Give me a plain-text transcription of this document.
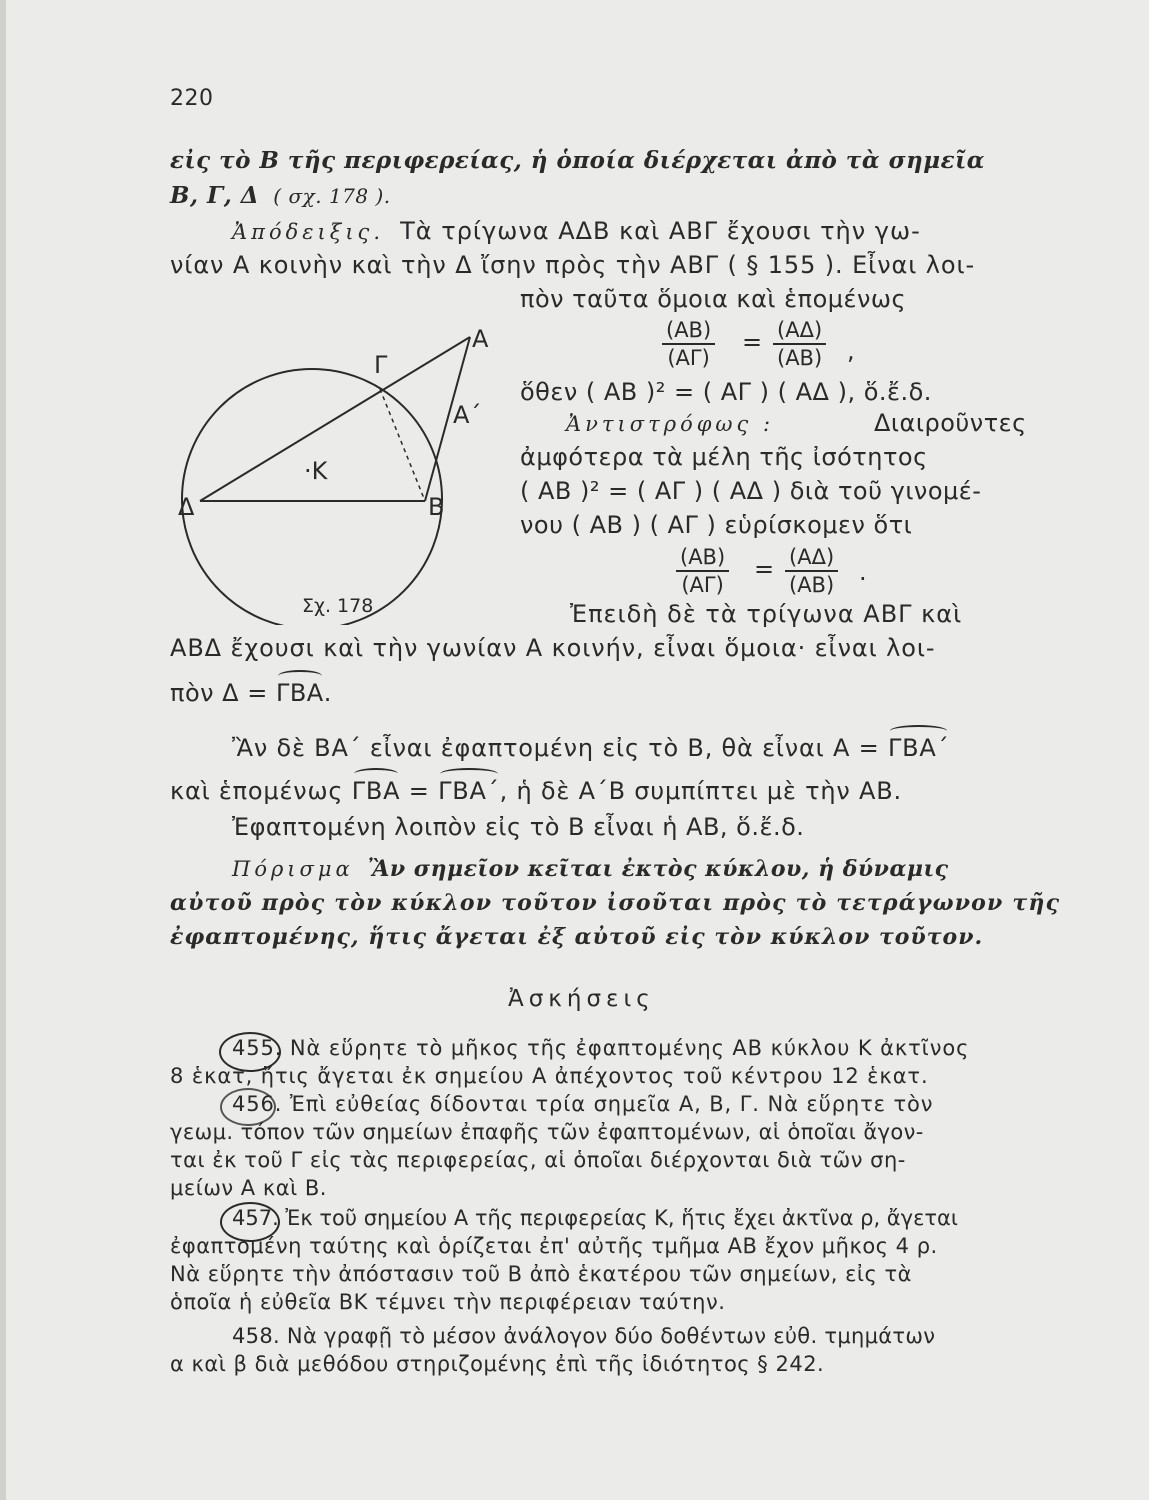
220
εἰς τὸ Β τῆς περιφερείας, ἡ ὁποία διέρχεται ἀπὸ τὰ σημεῖα
Β, Γ, Δ ( σχ. 178 ).
Ἀπόδειξις. Τὰ τρίγωνα ΑΔΒ καὶ ΑΒΓ ἔχουσι τὴν γω-
νίαν Α κοινὴν καὶ τὴν Δ ἴσην πρὸς τὴν ΑΒΓ ( § 155 ). Εἶναι λοι-
πὸν ταῦτα ὅμοια καὶ ἑπομένως
$\frac{(AB)}{(A\Gamma)} = \frac{(A\Delta)}{(AB)}$ ,
ὅθεν ( ΑΒ )² = ( ΑΓ ) ( ΑΔ ), ὅ.ἔ.δ.
Ἀντιστρόφως :	Διαιροῦντες
ἀμφότερα τὰ μέλη τῆς ἰσότητος
( ΑΒ )² = ( ΑΓ ) ( ΑΔ ) διὰ τοῦ γινομέ-
νου ( ΑΒ ) ( ΑΓ ) εὑρίσκομεν ὅτι
$\frac{(AB)}{(A\Gamma)} = \frac{(A\Delta)}{(AB)}$ .
Ἐπειδὴ δὲ τὰ τρίγωνα ΑΒΓ καὶ
ΑΒΔ ἔχουσι καὶ τὴν γωνίαν Α κοινήν, εἶναι ὅμοια· εἶναι λοι-
πὸν Δ = ΓΒΑ.
Ἂν δὲ ΒΑ΄ εἶναι ἐφαπτομένη εἰς τὸ Β, θὰ εἶναι Α = ΓΒΑ΄
καὶ ἑπομένως ΓΒΑ = ΓΒΑ΄, ἡ δὲ Α΄Β συμπίπτει μὲ τὴν ΑΒ.
Ἐφαπτομένη λοιπὸν εἰς τὸ Β εἶναι ἡ ΑΒ, ὅ.ἔ.δ.
Πόρισμα Ἂν σημεῖον κεῖται ἐκτὸς κύκλου, ἡ δύναμις
αὐτοῦ πρὸς τὸν κύκλον τοῦτον ἰσοῦται πρὸς τὸ τετράγωνον τῆς
ἐφαπτομένης, ἥτις ἄγεται ἐξ αὐτοῦ εἰς τὸν κύκλον τοῦτον.
Ἀσκήσεις
455. Νὰ εὕρητε τὸ μῆκος τῆς ἐφαπτομένης ΑΒ κύκλου Κ ἀκτῖνος
8 ἑκατ, ἥτις ἄγεται ἐκ σημείου Α ἀπέχοντος τοῦ κέντρου 12 ἑκατ.
456. Ἐπὶ εὐθείας δίδονται τρία σημεῖα Α, Β, Γ. Νὰ εὕρητε τὸν
γεωμ. τόπον τῶν σημείων ἐπαφῆς τῶν ἐφαπτομένων, αἱ ὁποῖαι ἄγον-
ται ἐκ τοῦ Γ εἰς τὰς περιφερείας, αἱ ὁποῖαι διέρχονται διὰ τῶν ση-
μείων Α καὶ Β.
457. Ἐκ τοῦ σημείου Α τῆς περιφερείας Κ, ἥτις ἔχει ἀκτῖνα ρ, ἄγεται
ἐφαπτομένη ταύτης καὶ ὁρίζεται ἐπ' αὐτῆς τμῆμα ΑΒ ἔχον μῆκος 4 ρ.
Νὰ εὕρητε τὴν ἀπόστασιν τοῦ Β ἀπὸ ἑκατέρου τῶν σημείων, εἰς τὰ
ὁποῖα ἡ εὐθεῖα ΒΚ τέμνει τὴν περιφέρειαν ταύτην.
458. Νὰ γραφῇ τὸ μέσον ἀνάλογον δύο δοθέντων εὐθ. τμημάτων
α καὶ β διὰ μεθόδου στηριζομένης ἐπὶ τῆς ἰδιότητος § 242.
Α
Α΄
Γ
·Κ
Δ	Β
Σχ. 178
